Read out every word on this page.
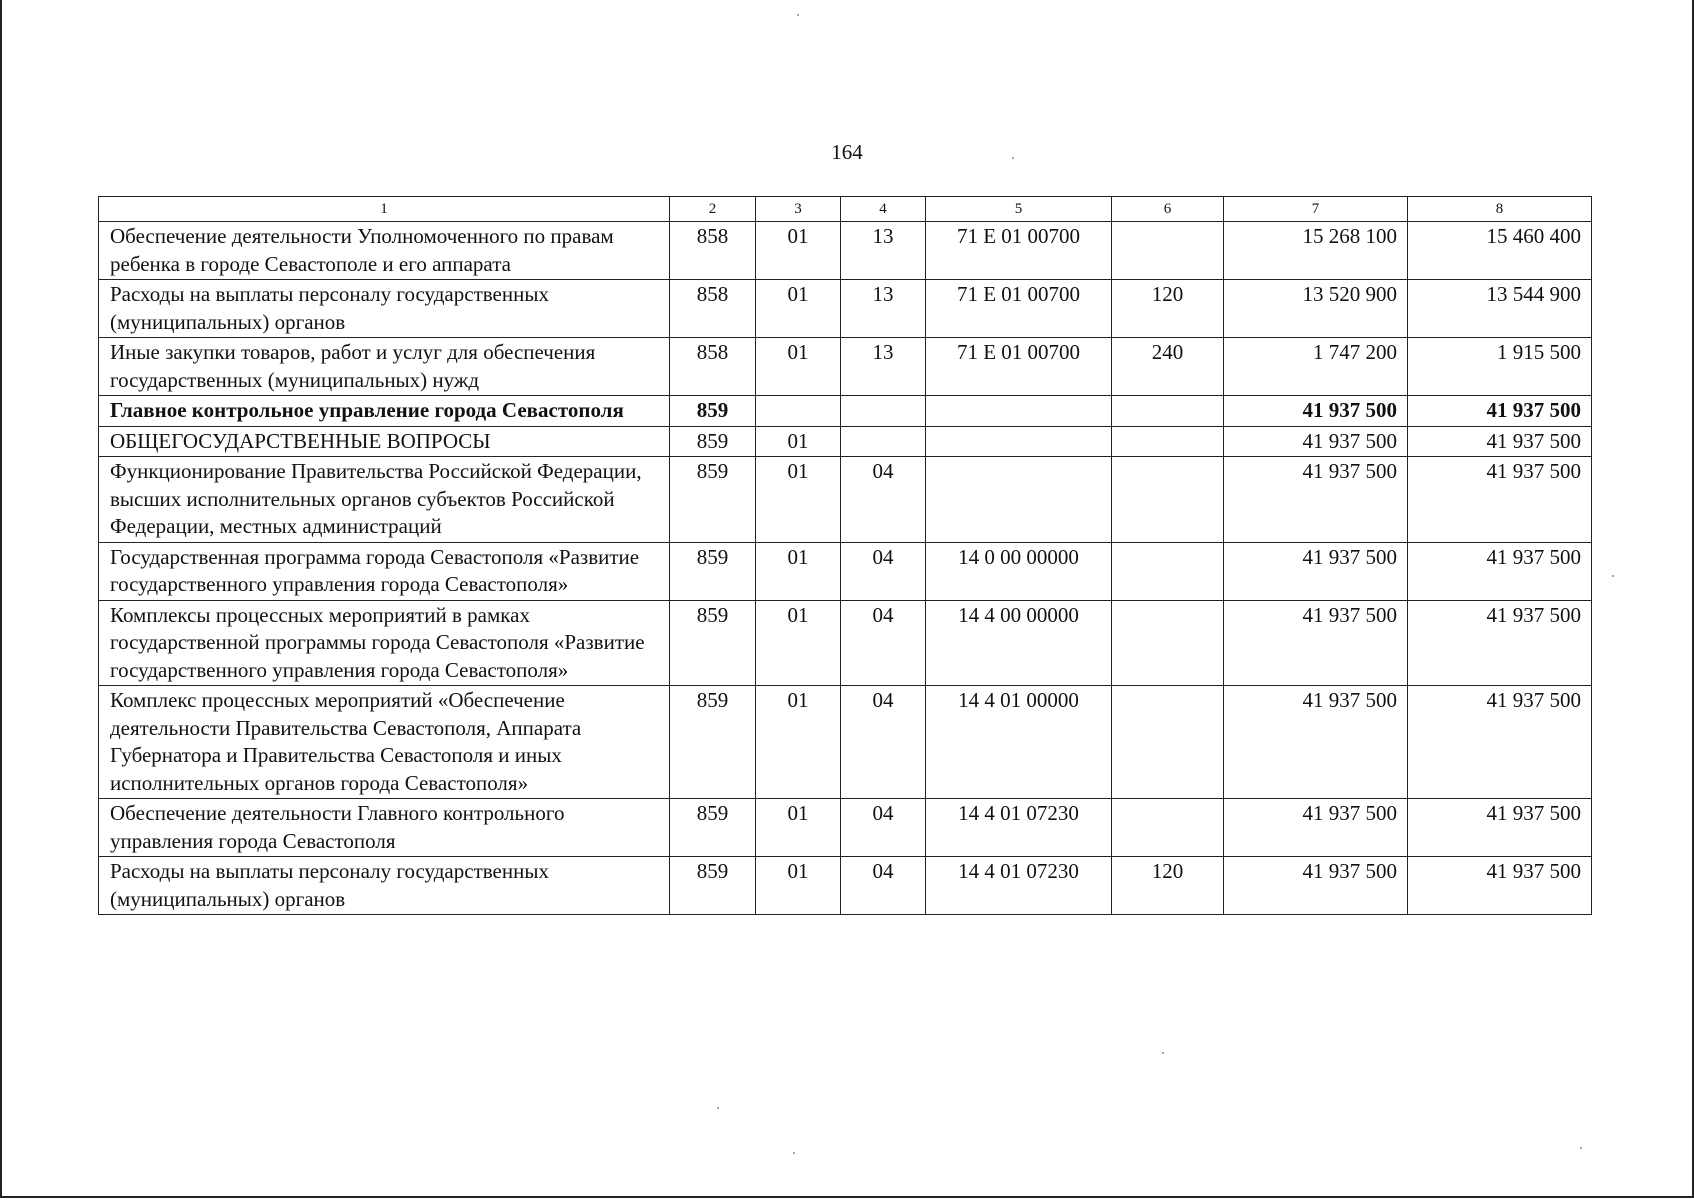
164
1	2	3	4	5	6	7	8
Обеспечение деятельности Уполномоченного по правам ребенка в городе Севастополе и его аппарата	858	01	13	71 Е 01 00700		15 268 100	15 460 400
Расходы на выплаты персоналу государственных (муниципальных) органов	858	01	13	71 Е 01 00700	120	13 520 900	13 544 900
Иные закупки товаров, работ и услуг для обеспечения государственных (муниципальных) нужд	858	01	13	71 Е 01 00700	240	1 747 200	1 915 500
Главное контрольное управление города Севастополя	859					41 937 500	41 937 500
ОБЩЕГОСУДАРСТВЕННЫЕ ВОПРОСЫ	859	01				41 937 500	41 937 500
Функционирование Правительства Российской Федерации, высших исполнительных органов субъектов Российской Федерации, местных администраций	859	01	04			41 937 500	41 937 500
Государственная программа города Севастополя «Развитие государственного управления города Севастополя»	859	01	04	14 0 00 00000		41 937 500	41 937 500
Комплексы процессных мероприятий в рамках государственной программы города Севастополя «Развитие государственного управления города Севастополя»	859	01	04	14 4 00 00000		41 937 500	41 937 500
Комплекс процессных мероприятий «Обеспечение деятельности Правительства Севастополя, Аппарата Губернатора и Правительства Севастополя и иных исполнительных органов города Севастополя»	859	01	04	14 4 01 00000		41 937 500	41 937 500
Обеспечение деятельности Главного контрольного управления города Севастополя	859	01	04	14 4 01 07230		41 937 500	41 937 500
Расходы на выплаты персоналу государственных (муниципальных) органов	859	01	04	14 4 01 07230	120	41 937 500	41 937 500
